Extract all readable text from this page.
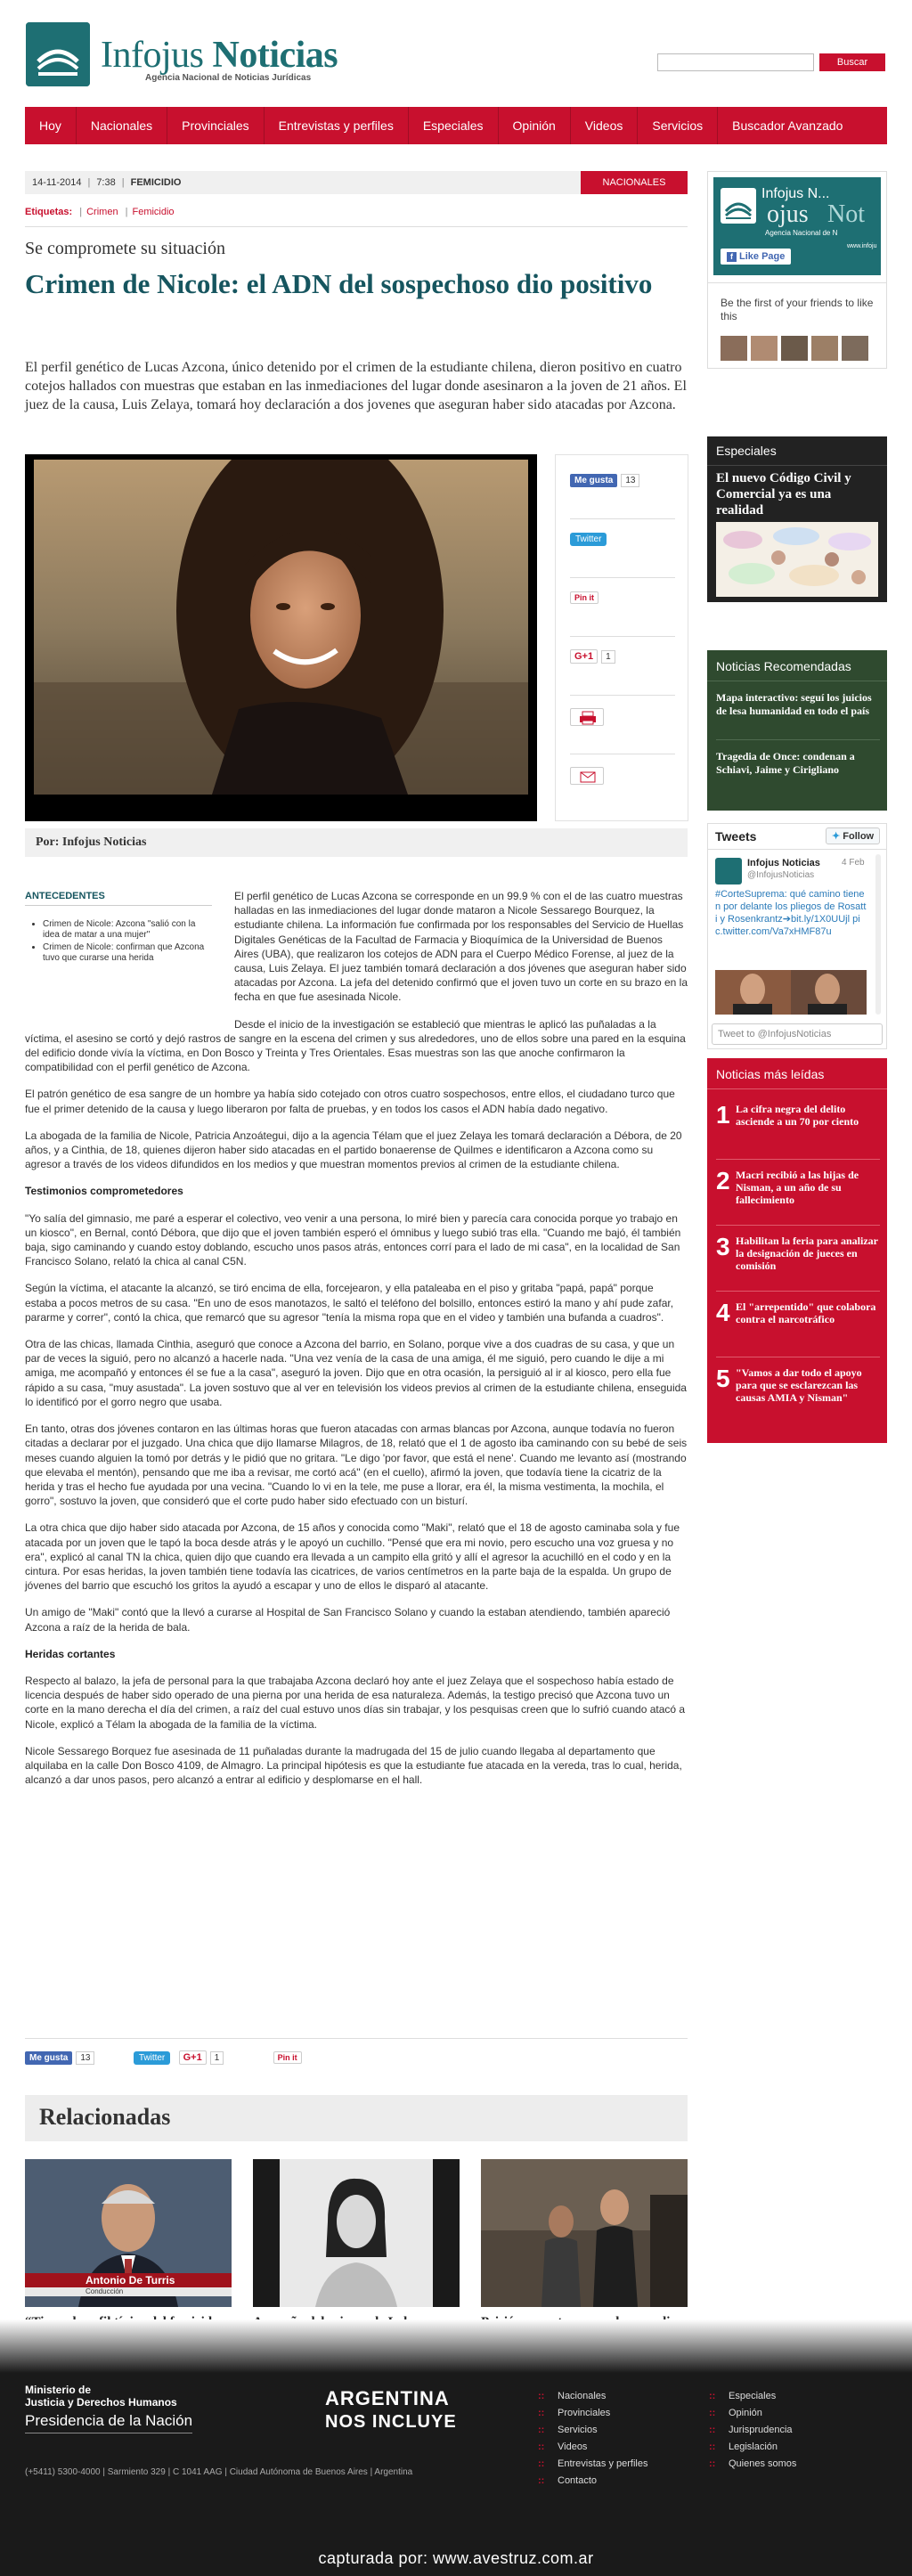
Infojus Noticias
Agencia Nacional de Noticias Jurídicas
Buscar
Hoy	Nacionales	Provinciales	Entrevistas y perfiles	Especiales	Opinión	Videos	Servicios	Buscador Avanzado
14-11-2014 | 7:38 | FEMICIDIO	NACIONALES
Etiquetas: | Crimen | Femicidio
Se compromete su situación
Crimen de Nicole: el ADN del sospechoso dio positivo
El perfil genético de Lucas Azcona, único detenido por el crimen de la estudiante chilena, dieron positivo en cuatro cotejos hallados con muestras que estaban en las inmediaciones del lugar donde asesinaron a la joven de 21 años. El juez de la causa, Luis Zelaya, tomará hoy declaración a dos jovenes que aseguran haber sido atacadas por Azcona.
Me gusta 13
Twitter
Pin it
G+1 1
Por: Infojus Noticias
ANTECEDENTES
• Crimen de Nicole: Azcona "salió con la idea de matar a una mujer"
• Crimen de Nicole: confirman que Azcona tuvo que curarse una herida

El perfil genético de Lucas Azcona se corresponde en un 99.9 % con el de las cuatro muestras halladas en las inmediaciones del lugar donde mataron a Nicole Sessarego Bourquez, la estudiante chilena. La información fue confirmada por los responsables del Servicio de Huellas Digitales Genéticas de la Facultad de Farmacia y Bioquímica de la Universidad de Buenos Aires (UBA), que realizaron los cotejos de ADN para el Cuerpo Médico Forense, al juez de la causa, Luis Zelaya. El juez también tomará declaración a dos jóvenes que aseguran haber sido atacadas por Azcona. La jefa del detenido confirmó que el joven tuvo un corte en su brazo en la fecha en que fue asesinada Nicole.

Desde el inicio de la investigación se estableció que mientras le aplicó las puñaladas a la víctima, el asesino se cortó y dejó rastros de sangre en la escena del crimen y sus alrededores, uno de ellos sobre una pared en la esquina del edificio donde vivía la víctima, en Don Bosco y Treinta y Tres Orientales. Esas muestras son las que anoche confirmaron la compatibilidad con el perfil genético de Azcona.

El patrón genético de esa sangre de un hombre ya había sido cotejado con otros cuatro sospechosos, entre ellos, el ciudadano turco que fue el primer detenido de la causa y luego liberaron por falta de pruebas, y en todos los casos el ADN había dado negativo.

La abogada de la familia de Nicole, Patricia Anzoátegui, dijo a la agencia Télam que el juez Zelaya les tomará declaración a Débora, de 20 años, y a Cinthia, de 18, quienes dijeron haber sido atacadas en el partido bonaerense de Quilmes e identificaron a Azcona como su agresor a través de los videos difundidos en los medios y que muestran momentos previos al crimen de la estudiante chilena.

Testimonios comprometedores

"Yo salía del gimnasio, me paré a esperar el colectivo, veo venir a una persona, lo miré bien y parecía cara conocida porque yo trabajo en un kiosco", en Bernal, contó Débora, que dijo que el joven también esperó el ómnibus y luego subió tras ella. "Cuando me bajó, él también baja, sigo caminando y cuando estoy doblando, escucho unos pasos atrás, entonces corrí para el lado de mi casa", en la localidad de San Francisco Solano, relató la chica al canal C5N.

Según la víctima, el atacante la alcanzó, se tiró encima de ella, forcejearon, y ella pataleaba en el piso y gritaba "papá, papá" porque estaba a pocos metros de su casa. "En uno de esos manotazos, le saltó el teléfono del bolsillo, entonces estiró la mano y ahí pude zafar, pararme y correr", contó la chica, que remarcó que su agresor "tenía la misma ropa que en el video y también una bufanda a cuadros".

Otra de las chicas, llamada Cinthia, aseguró que conoce a Azcona del barrio, en Solano, porque vive a dos cuadras de su casa, y que un par de veces la siguió, pero no alcanzó a hacerle nada. "Una vez venía de la casa de una amiga, él me siguió, pero cuando le dije a mi amiga, me acompañó y entonces él se fue a la casa", aseguró la joven. Dijo que en otra ocasión, la persiguió al ir al kiosco, pero ella fue rápido a su casa, "muy asustada". La joven sostuvo que al ver en televisión los videos previos al crimen de la estudiante chilena, enseguida lo identificó por el gorro negro que usaba.

En tanto, otras dos jóvenes contaron en las últimas horas que fueron atacadas con armas blancas por Azcona, aunque todavía no fueron citadas a declarar por el juzgado. Una chica que dijo llamarse Milagros, de 18, relató que el 1 de agosto iba caminando con su bebé de seis meses cuando alguien la tomó por detrás y le pidió que no gritara. "Le digo 'por favor, que está el nene'. Cuando me levanto así (mostrando que elevaba el mentón), pensando que me iba a revisar, me cortó acá" (en el cuello), afirmó la joven, que todavía tiene la cicatriz de la herida y tras el hecho fue ayudada por una vecina. "Cuando lo vi en la tele, me puse a llorar, era él, la misma vestimenta, la mochila, el gorro", sostuvo la joven, que consideró que el corte pudo haber sido efectuado con un bisturí.

La otra chica que dijo haber sido atacada por Azcona, de 15 años y conocida como "Maki", relató que el 18 de agosto caminaba sola y fue atacada por un joven que le tapó la boca desde atrás y le apoyó un cuchillo. "Pensé que era mi novio, pero escucho una voz gruesa y no era", explicó al canal TN la chica, quien dijo que cuando era llevada a un campito ella gritó y allí el agresor la acuchilló en el codo y en la cintura. Por esas heridas, la joven también tiene todavía las cicatrices, de varios centímetros en la parte baja de la espalda. Un grupo de jóvenes del barrio que escuchó los gritos la ayudó a escapar y uno de ellos le disparó al atacante.

Un amigo de "Maki" contó que la llevó a curarse al Hospital de San Francisco Solano y cuando la estaban atendiendo, también apareció Azcona a raíz de la herida de bala.

Heridas cortantes

Respecto al balazo, la jefa de personal para la que trabajaba Azcona declaró hoy ante el juez Zelaya que el sospechoso había estado de licencia después de haber sido operado de una pierna por una herida de esa naturaleza. Además, la testigo precisó que Azcona tuvo un corte en la mano derecha el día del crimen, a raíz del cual estuvo unos días sin trabajar, y los pesquisas creen que lo sufrió cuando atacó a Nicole, explicó a Télam la abogada de la familia de la víctima.

Nicole Sessarego Borquez fue asesinada de 11 puñaladas durante la madrugada del 15 de julio cuando llegaba al departamento que alquilaba en la calle Don Bosco 4109, de Almagro. La principal hipótesis es que la estudiante fue atacada en la vereda, tras lo cual, herida, alcanzó a dar unos pasos, pero alcanzó a entrar al edificio y desplomarse en el hall.

Me gusta 13	Twitter G+1 1	Pin it
Relacionadas
Antonio De Turris
Conducción
Infojus N...
ojus Not
Agencia Nacional de N
www.infoju
f Like Page
Be the first of your friends to like this
Especiales
El nuevo Código Civil y Comercial ya es una realidad
Noticias Recomendadas
Mapa interactivo: seguí los juicios de lesa humanidad en todo el país
Tragedia de Once: condenan a Schiavi, Jaime y Cirigliano
Tweets	✦ Follow
Infojus Noticias
@InfojusNoticias
4 Feb
#CorteSuprema: qué camino tienen por delante los pliegos de Rosatti y Rosenkrantz➔bit.ly/1X0UUjl pic.twitter.com/Va7xHMF87u
Tweet to @InfojusNoticias
Noticias más leídas
1 La cifra negra del delito asciende a un 70 por ciento
2 Macri recibió a las hijas de Nisman, a un año de su fallecimiento
3 Habilitan la feria para analizar la designación de jueces en comisión
4 El "arrepentido" que colabora contra el narcotráfico
5 "Vamos a dar todo el apoyo para que se esclarezcan las causas AMIA y Nisman"
Ministerio de
Justicia y Derechos Humanos
Presidencia de la Nación
ARGENTINA
NOS INCLUYE
(+5411) 5300-4000 | Sarmiento 329 | C 1041 AAG | Ciudad Autónoma de Buenos Aires | Argentina
:: Nacionales
:: Provinciales
:: Servicios
:: Videos
:: Entrevistas y perfiles
:: Contacto
:: Especiales
:: Opinión
:: Jurisprudencia
:: Legislación
:: Quienes somos
capturada por: www.avestruz.com.ar
